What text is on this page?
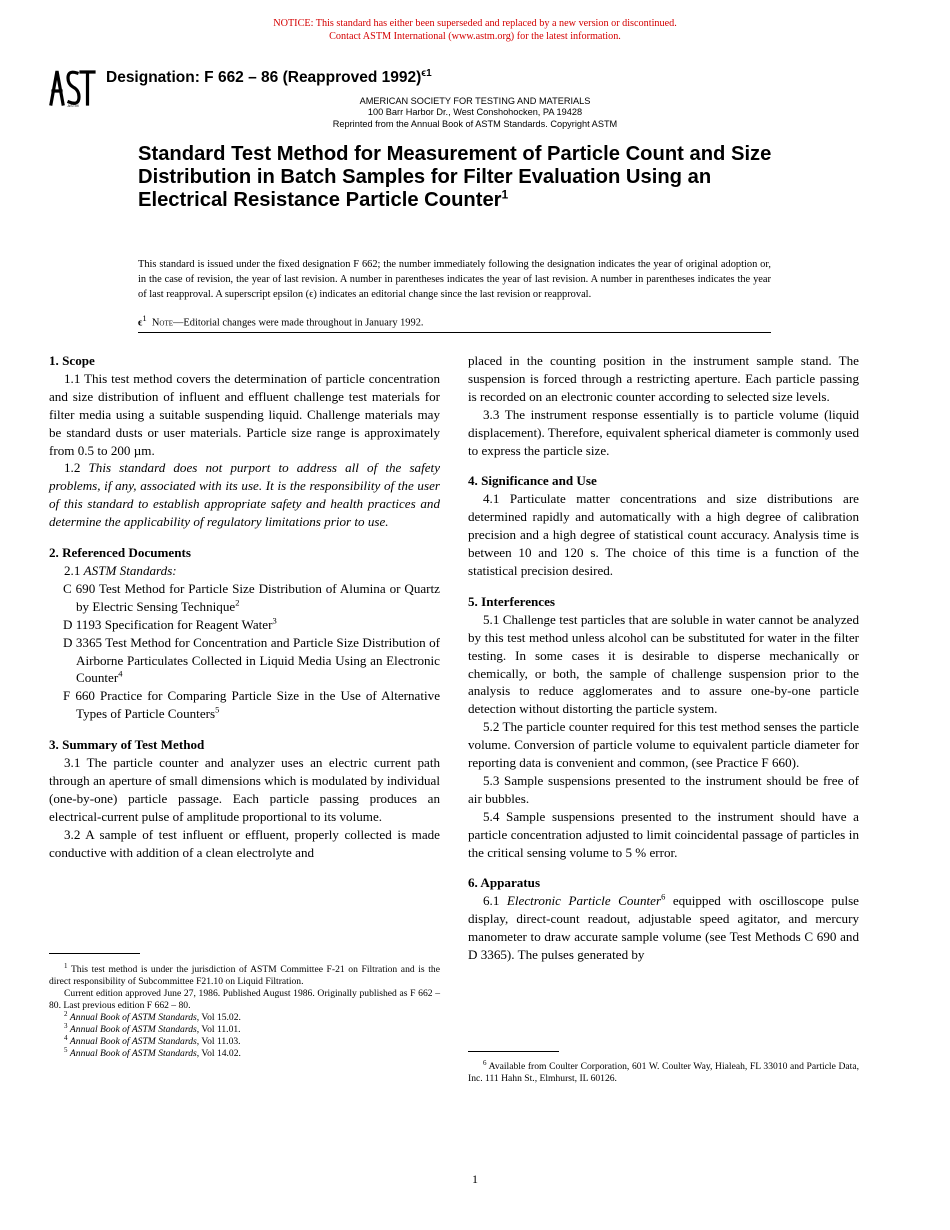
NOTICE: This standard has either been superseded and replaced by a new version or discontinued.
Contact ASTM International (www.astm.org) for the latest information.
ASTM
Designation: F 662 – 86 (Reapproved 1992)$^{\epsilon 1}$
AMERICAN SOCIETY FOR TESTING AND MATERIALS
100 Barr Harbor Dr., West Conshohocken, PA 19428
Reprinted from the Annual Book of ASTM Standards. Copyright ASTM
Standard Test Method for Measurement of Particle Count and Size Distribution in Batch Samples for Filter Evaluation Using an Electrical Resistance Particle Counter$^1$
This standard is issued under the fixed designation F 662; the number immediately following the designation indicates the year of original adoption or, in the case of revision, the year of last revision. A number in parentheses indicates the year of last revision. A number in parentheses indicates the year of last reapproval. A superscript epsilon (ϵ) indicates an editorial change since the last revision or reapproval.
$\epsilon^1$ Note—Editorial changes were made throughout in January 1992.
1. Scope

1.1 This test method covers the determination of particle concentration and size distribution of influent and effluent challenge test materials for filter media using a suitable suspending liquid. Challenge materials may be standard dusts or user materials. Particle size range is approximately from 0.5 to 200 µm.

1.2 This standard does not purport to address all of the safety problems, if any, associated with its use. It is the responsibility of the user of this standard to establish appropriate safety and health practices and determine the applicability of regulatory limitations prior to use.

2. Referenced Documents

2.1 ASTM Standards:

C 690 Test Method for Particle Size Distribution of Alumina or Quartz by Electric Sensing Technique$^2$

D 1193 Specification for Reagent Water$^3$

D 3365 Test Method for Concentration and Particle Size Distribution of Airborne Particulates Collected in Liquid Media Using an Electronic Counter$^4$

F 660 Practice for Comparing Particle Size in the Use of Alternative Types of Particle Counters$^5$

3. Summary of Test Method

3.1 The particle counter and analyzer uses an electric current path through an aperture of small dimensions which is modulated by individual (one-by-one) particle passage. Each particle passing produces an electrical-current pulse of amplitude proportional to its volume.

3.2 A sample of test influent or effluent, properly collected is made conductive with addition of a clean electrolyte and

$^1$ This test method is under the jurisdiction of ASTM Committee F-21 on Filtration and is the direct responsibility of Subcommittee F21.10 on Liquid Filtration.

Current edition approved June 27, 1986. Published August 1986. Originally published as F 662 – 80. Last previous edition F 662 – 80.

$^2$ Annual Book of ASTM Standards, Vol 15.02.

$^3$ Annual Book of ASTM Standards, Vol 11.01.

$^4$ Annual Book of ASTM Standards, Vol 11.03.

$^5$ Annual Book of ASTM Standards, Vol 14.02.

placed in the counting position in the instrument sample stand. The suspension is forced through a restricting aperture. Each particle passing is recorded on an electronic counter according to selected size levels.

3.3 The instrument response essentially is to particle volume (liquid displacement). Therefore, equivalent spherical diameter is commonly used to express the particle size.

4. Significance and Use

4.1 Particulate matter concentrations and size distributions are determined rapidly and automatically with a high degree of calibration precision and a high degree of statistical count accuracy. Analysis time is between 10 and 120 s. The choice of this time is a function of the statistical precision desired.

5. Interferences

5.1 Challenge test particles that are soluble in water cannot be analyzed by this test method unless alcohol can be substituted for water in the filter testing. In some cases it is desirable to disperse mechanically or chemically, or both, the sample of challenge suspension prior to the analysis to reduce agglomerates and to assure one-by-one particle detection without distorting the particle system.

5.2 The particle counter required for this test method senses the particle volume. Conversion of particle volume to equivalent particle diameter for reporting data is convenient and common, (see Practice F 660).

5.3 Sample suspensions presented to the instrument should be free of air bubbles.

5.4 Sample suspensions presented to the instrument should have a particle concentration adjusted to limit coincidental passage of particles in the critical sensing volume to 5 % error.

6. Apparatus

6.1 Electronic Particle Counter$^6$ equipped with oscilloscope pulse display, direct-count readout, adjustable speed agitator, and mercury manometer to draw accurate sample volume (see Test Methods C 690 and D 3365). The pulses generated by

$^6$ Available from Coulter Corporation, 601 W. Coulter Way, Hialeah, FL 33010 and Particle Data, Inc. 111 Hahn St., Elmhurst, IL 60126.

1
